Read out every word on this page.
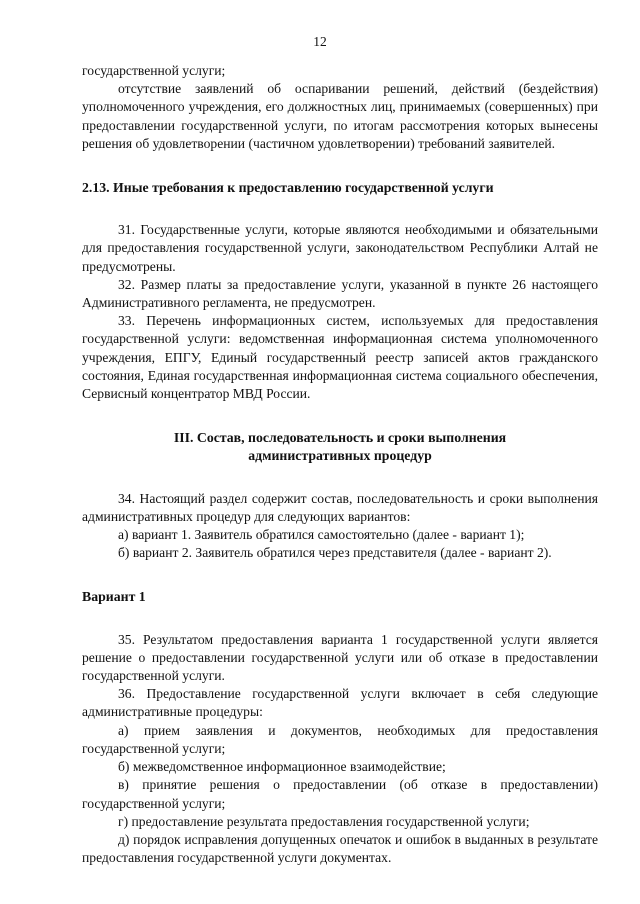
12

государственной услуги;

отсутствие заявлений об оспаривании решений, действий (бездействия) уполномоченного учреждения, его должностных лиц, принимаемых (совершенных) при предоставлении государственной услуги, по итогам рассмотрения которых вынесены решения об удовлетворении (частичном удовлетворении) требований заявителей.

2.13. Иные требования к предоставлению государственной услуги

31. Государственные услуги, которые являются необходимыми и обязательными для предоставления государственной услуги, законодательством Республики Алтай не предусмотрены.

32. Размер платы за предоставление услуги, указанной в пункте 26 настоящего Административного регламента, не предусмотрен.

33. Перечень информационных систем, используемых для предоставления государственной услуги: ведомственная информационная система уполномоченного учреждения, ЕПГУ, Единый государственный реестр записей актов гражданского состояния, Единая государственная информационная система социального обеспечения, Сервисный концентратор МВД России.

III. Состав, последовательность и сроки выполнения
административных процедур

34. Настоящий раздел содержит состав, последовательность и сроки выполнения административных процедур для следующих вариантов:

а) вариант 1. Заявитель обратился самостоятельно (далее - вариант 1);

б) вариант 2. Заявитель обратился через представителя (далее - вариант 2).

Вариант 1

35. Результатом предоставления варианта 1 государственной услуги является решение о предоставлении государственной услуги или об отказе в предоставлении государственной услуги.

36. Предоставление государственной услуги включает в себя следующие административные процедуры:

а) прием заявления и документов, необходимых для предоставления государственной услуги;

б) межведомственное информационное взаимодействие;

в) принятие решения о предоставлении (об отказе в предоставлении) государственной услуги;

г) предоставление результата предоставления государственной услуги;

д) порядок исправления допущенных опечаток и ошибок в выданных в результате предоставления государственной услуги документах.
